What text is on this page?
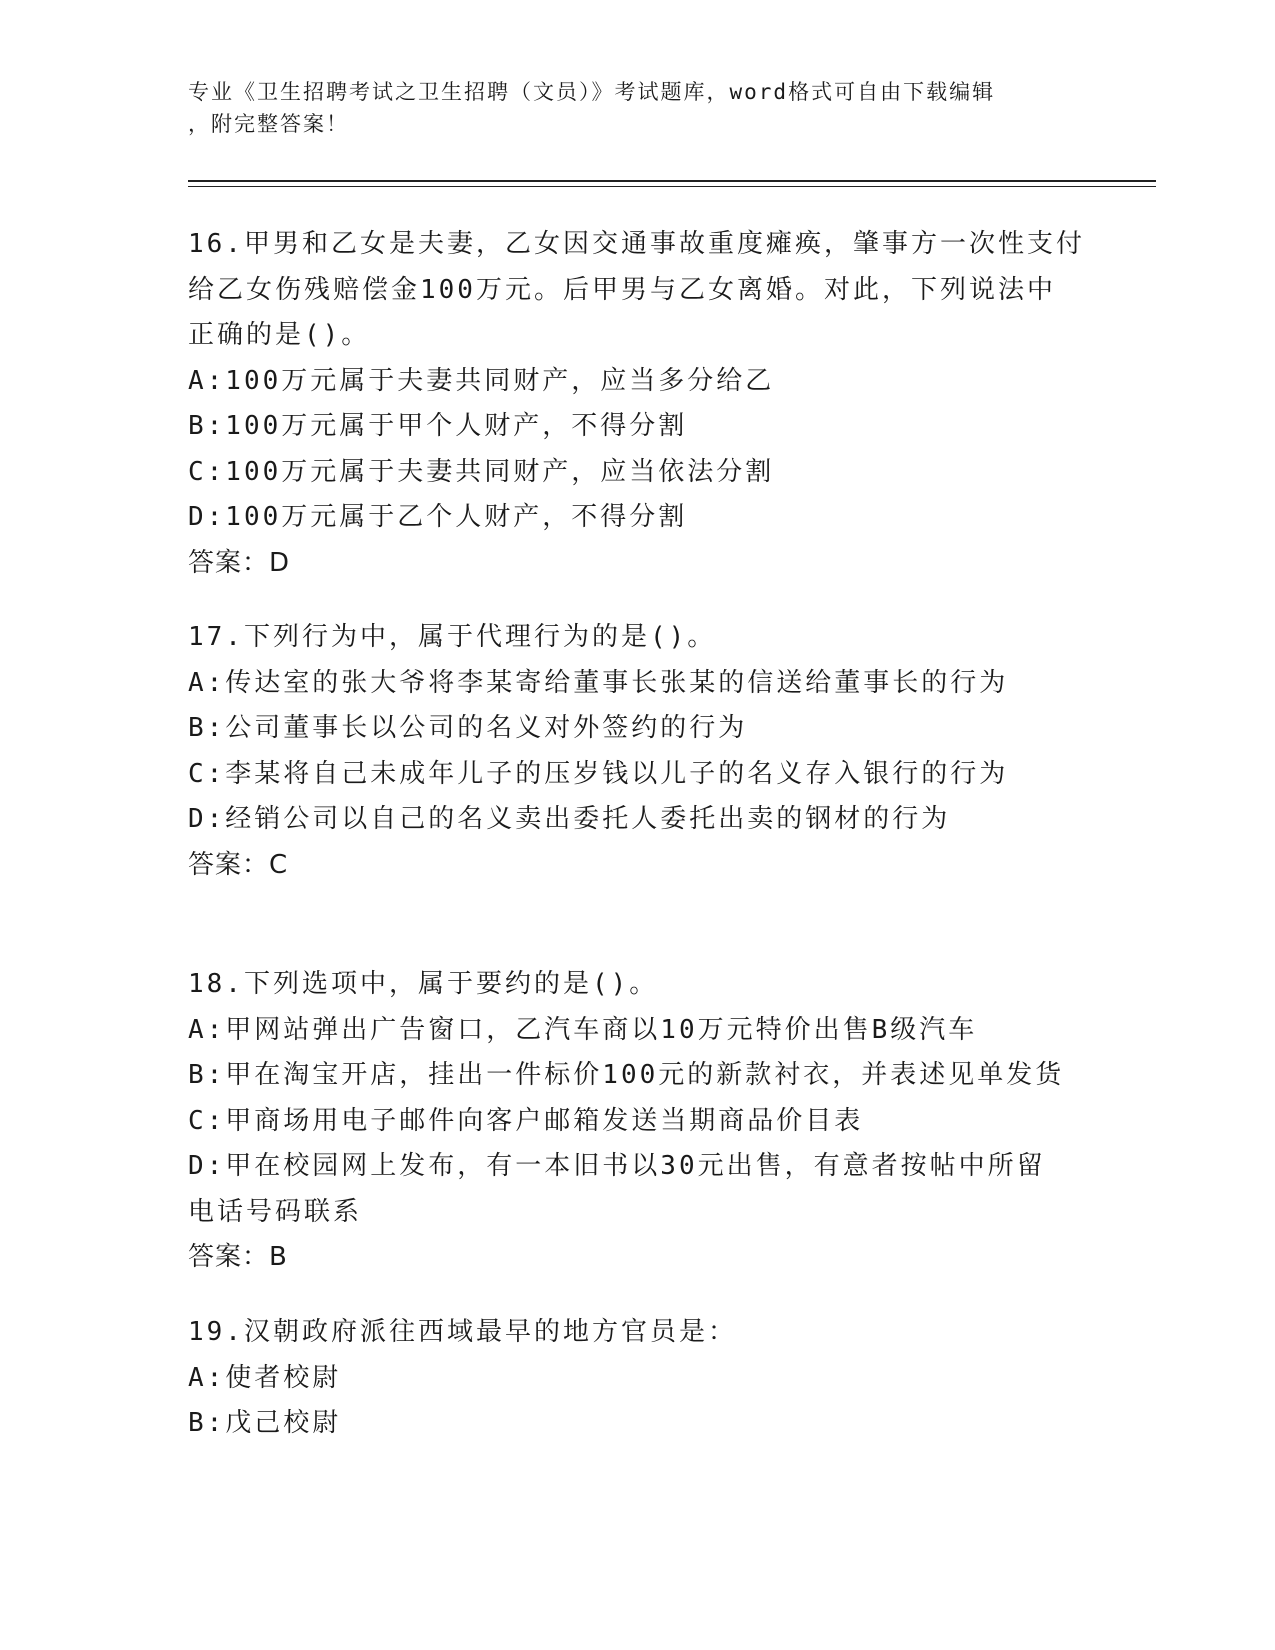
专业《卫生招聘考试之卫生招聘（文员）》考试题库，word格式可自由下载编辑
，附完整答案！
16.甲男和乙女是夫妻，乙女因交通事故重度瘫痪，肇事方一次性支付
给乙女伤残赔偿金100万元。后甲男与乙女离婚。对此，下列说法中
正确的是()。
A:100万元属于夫妻共同财产，应当多分给乙
B:100万元属于甲个人财产，不得分割
C:100万元属于夫妻共同财产，应当依法分割
D:100万元属于乙个人财产，不得分割
答案：D
17.下列行为中，属于代理行为的是()。
A:传达室的张大爷将李某寄给董事长张某的信送给董事长的行为
B:公司董事长以公司的名义对外签约的行为
C:李某将自己未成年儿子的压岁钱以儿子的名义存入银行的行为
D:经销公司以自己的名义卖出委托人委托出卖的钢材的行为
答案：C
18.下列选项中，属于要约的是()。
A:甲网站弹出广告窗口，乙汽车商以10万元特价出售B级汽车
B:甲在淘宝开店，挂出一件标价100元的新款衬衣，并表述见单发货
C:甲商场用电子邮件向客户邮箱发送当期商品价目表
D:甲在校园网上发布，有一本旧书以30元出售，有意者按帖中所留
电话号码联系
答案：B
19.汉朝政府派往西域最早的地方官员是：
A:使者校尉
B:戊己校尉
